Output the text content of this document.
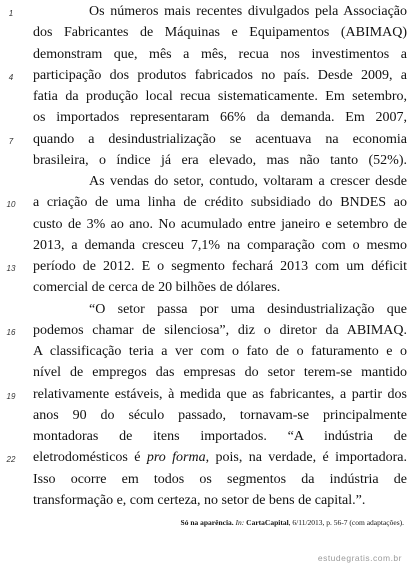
1
4
7
10
13
16
19
22
Os números mais recentes divulgados pela Associação
dos Fabricantes de Máquinas e Equipamentos (ABIMAQ)
demonstram que, mês a mês, recua nos investimentos a
participação dos produtos fabricados no país. Desde 2009, a
fatia da produção local recua sistematicamente. Em setembro,
os importados representaram 66% da demanda. Em 2007,
quando a desindustrialização se acentuava na economia
brasileira, o índice já era elevado, mas não tanto (52%).
As vendas do setor, contudo, voltaram a crescer desde
a criação de uma linha de crédito subsidiado do BNDES ao
custo de 3% ao ano. No acumulado entre janeiro e setembro de
2013, a demanda cresceu 7,1% na comparação com o mesmo
período de 2012. E o segmento fechará 2013 com um déficit
comercial de cerca de 20 bilhões de dólares.
“O setor passa por uma desindustrialização que
podemos chamar de silenciosa”, diz o diretor da ABIMAQ.
A classificação teria a ver com o fato de o faturamento e o
nível de empregos das empresas do setor terem-se mantido
relativamente estáveis, à medida que as fabricantes, a partir dos
anos 90 do século passado, tornavam-se principalmente
montadoras de itens importados. “A indústria de
eletrodomésticos é pro forma, pois, na verdade, é importadora.
Isso ocorre em todos os segmentos da indústria de
transformação e, com certeza, no setor de bens de capital.”.
Só na aparência. In: CartaCapital, 6/11/2013, p. 56-7 (com adaptações).
estudegratis.com.br
